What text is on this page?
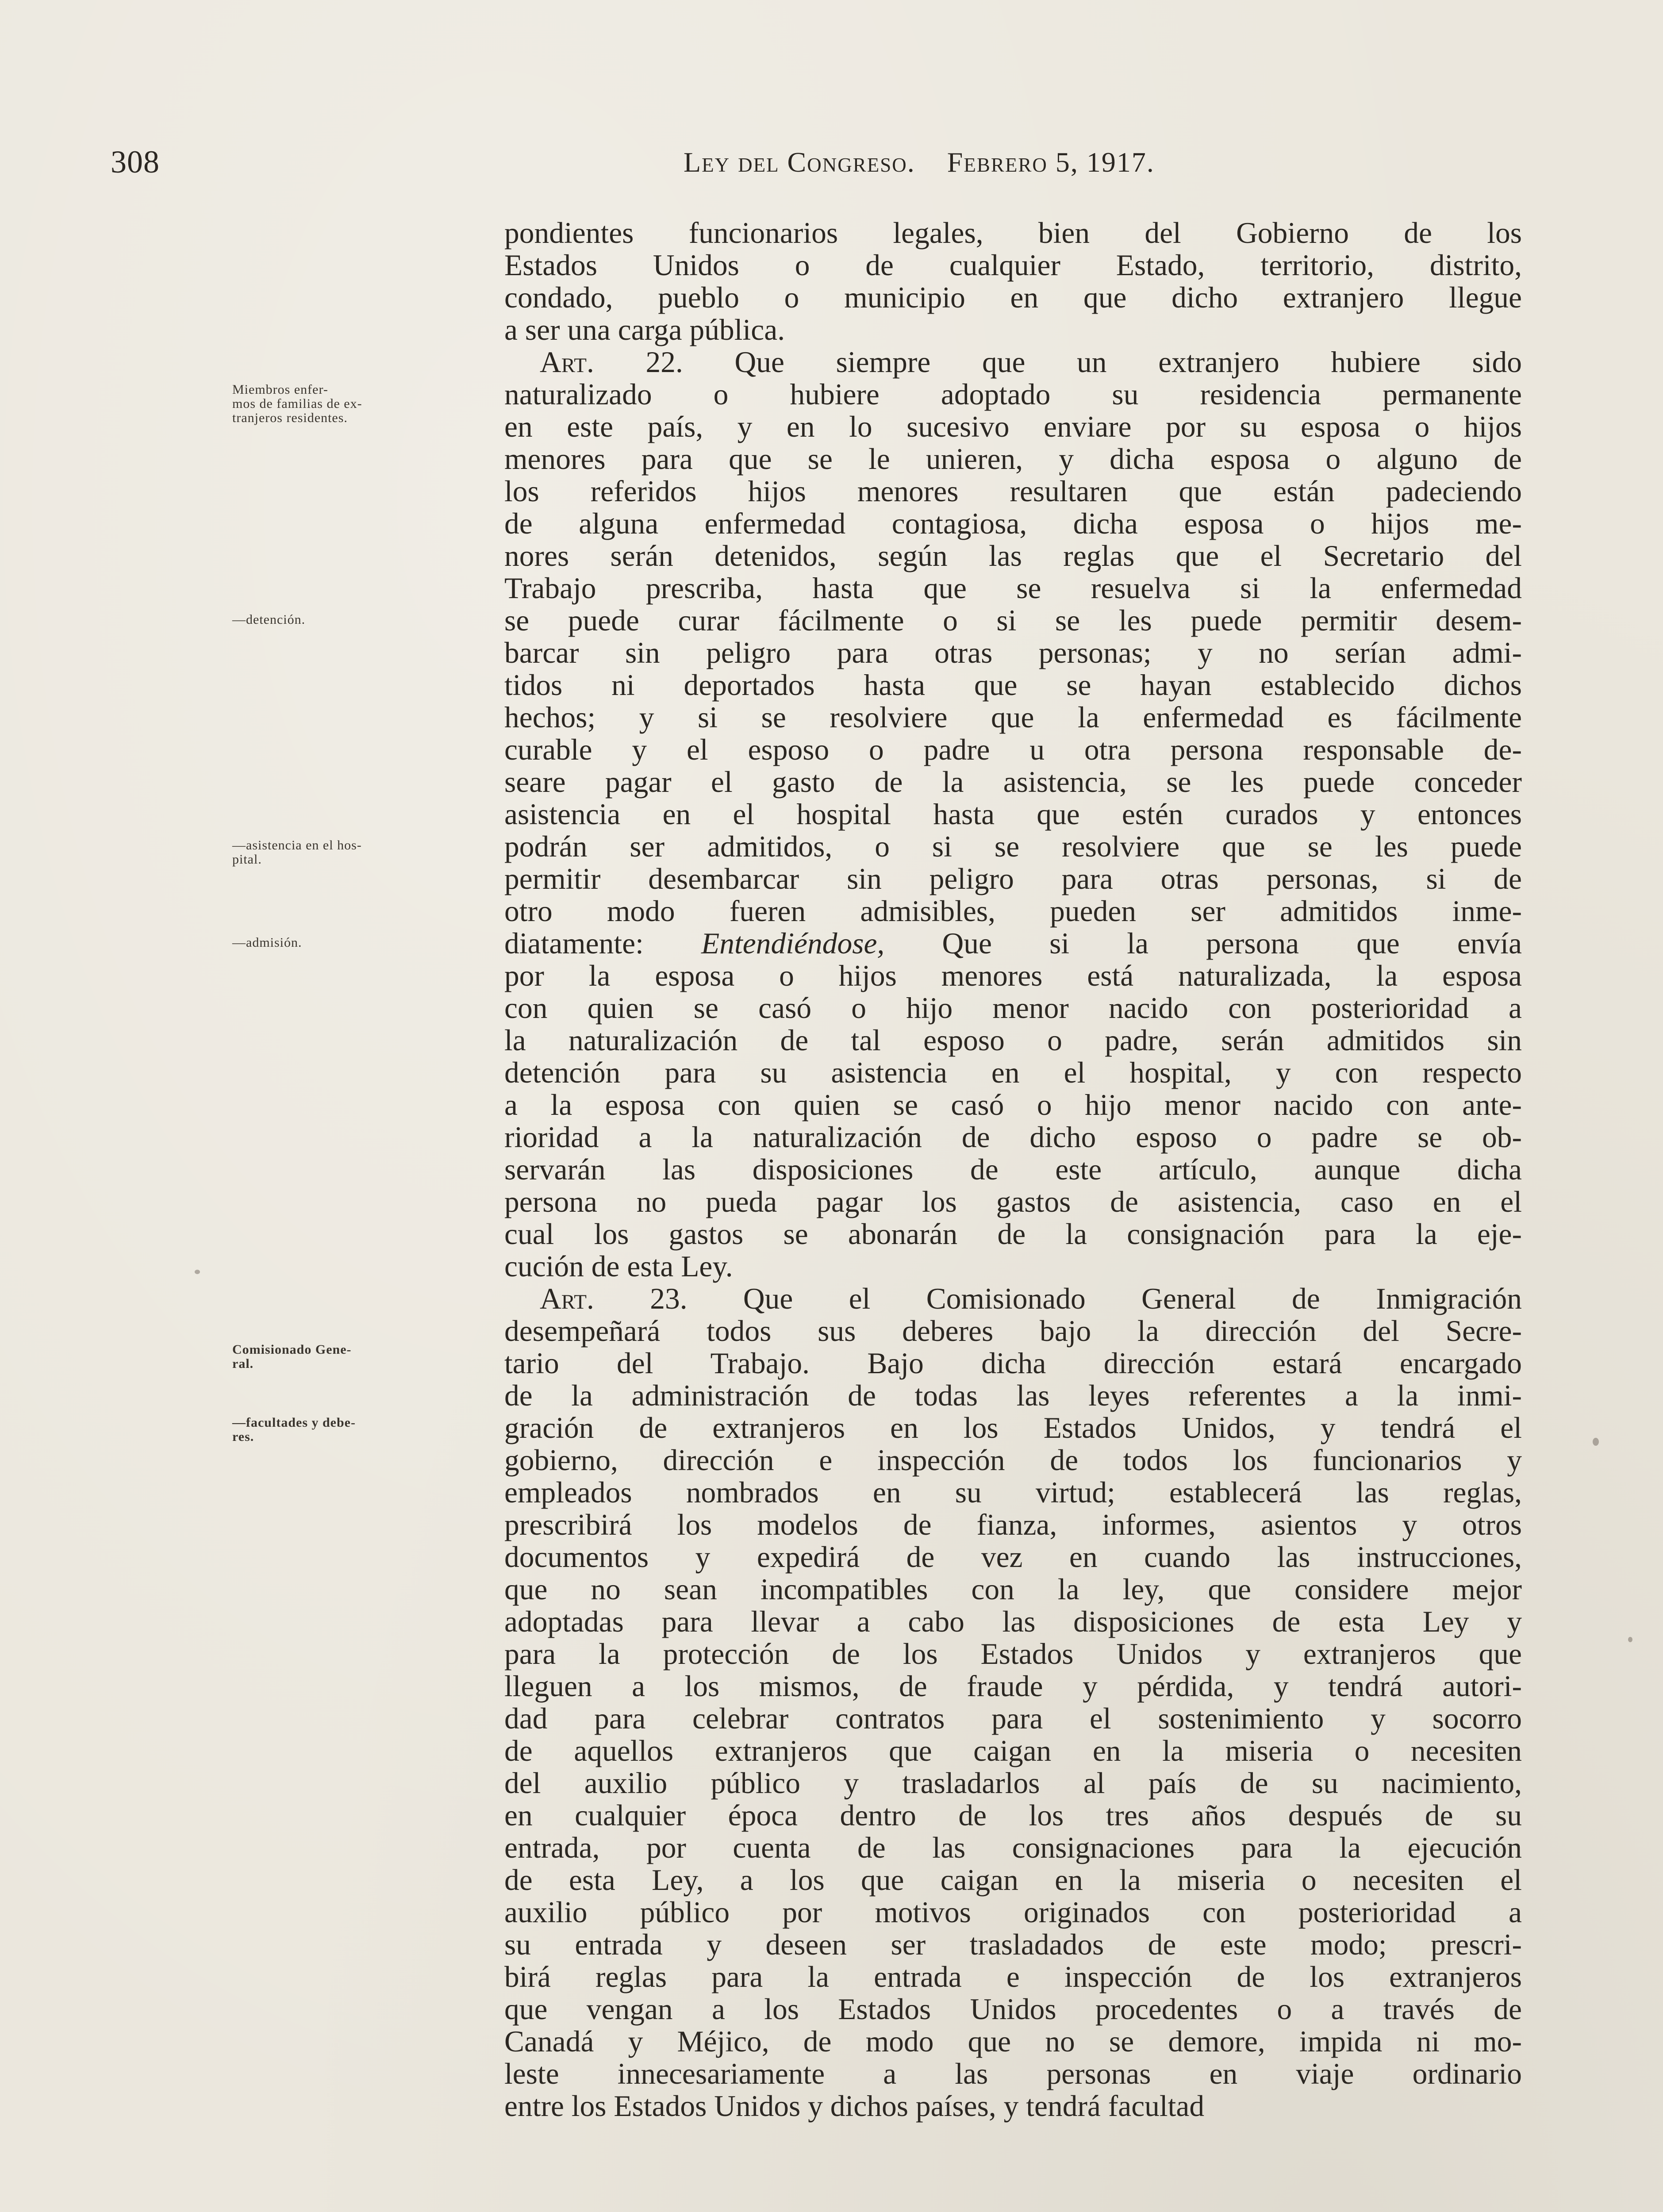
308	Ley del Congreso. Febrero 5, 1917.
Miembros enfer-
mos de familias de ex-
tranjeros residentes.
—detención.
—asistencia en el hos-
pital.
—admisión.
Comisionado Gene-
ral.
—facultades y debe-
res.
pondientes funcionarios legales, bien del Gobierno de los
Estados Unidos o de cualquier Estado, territorio, distrito,
condado, pueblo o municipio en que dicho extranjero llegue
a ser una carga pública.
Art. 22. Que siempre que un extranjero hubiere sido
naturalizado o hubiere adoptado su residencia permanente
en este país, y en lo sucesivo enviare por su esposa o hijos
menores para que se le unieren, y dicha esposa o alguno de
los referidos hijos menores resultaren que están padeciendo
de alguna enfermedad contagiosa, dicha esposa o hijos me-
nores serán detenidos, según las reglas que el Secretario del
Trabajo prescriba, hasta que se resuelva si la enfermedad
se puede curar fácilmente o si se les puede permitir desem-
barcar sin peligro para otras personas; y no serían admi-
tidos ni deportados hasta que se hayan establecido dichos
hechos; y si se resolviere que la enfermedad es fácilmente
curable y el esposo o padre u otra persona responsable de-
seare pagar el gasto de la asistencia, se les puede conceder
asistencia en el hospital hasta que estén curados y entonces
podrán ser admitidos, o si se resolviere que se les puede
permitir desembarcar sin peligro para otras personas, si de
otro modo fueren admisibles, pueden ser admitidos inme-
diatamente: Entendiéndose, Que si la persona que envía
por la esposa o hijos menores está naturalizada, la esposa
con quien se casó o hijo menor nacido con posterioridad a
la naturalización de tal esposo o padre, serán admitidos sin
detención para su asistencia en el hospital, y con respecto
a la esposa con quien se casó o hijo menor nacido con ante-
rioridad a la naturalización de dicho esposo o padre se ob-
servarán las disposiciones de este artículo, aunque dicha
persona no pueda pagar los gastos de asistencia, caso en el
cual los gastos se abonarán de la consignación para la eje-
cución de esta Ley.
Art. 23. Que el Comisionado General de Inmigración
desempeñará todos sus deberes bajo la dirección del Secre-
tario del Trabajo. Bajo dicha dirección estará encargado
de la administración de todas las leyes referentes a la inmi-
gración de extranjeros en los Estados Unidos, y tendrá el
gobierno, dirección e inspección de todos los funcionarios y
empleados nombrados en su virtud; establecerá las reglas,
prescribirá los modelos de fianza, informes, asientos y otros
documentos y expedirá de vez en cuando las instrucciones,
que no sean incompatibles con la ley, que considere mejor
adoptadas para llevar a cabo las disposiciones de esta Ley y
para la protección de los Estados Unidos y extranjeros que
lleguen a los mismos, de fraude y pérdida, y tendrá autori-
dad para celebrar contratos para el sostenimiento y socorro
de aquellos extranjeros que caigan en la miseria o necesiten
del auxilio público y trasladarlos al país de su nacimiento,
en cualquier época dentro de los tres años después de su
entrada, por cuenta de las consignaciones para la ejecución
de esta Ley, a los que caigan en la miseria o necesiten el
auxilio público por motivos originados con posterioridad a
su entrada y deseen ser trasladados de este modo; prescri-
birá reglas para la entrada e inspección de los extranjeros
que vengan a los Estados Unidos procedentes o a través de
Canadá y Méjico, de modo que no se demore, impida ni mo-
leste innecesariamente a las personas en viaje ordinario
entre los Estados Unidos y dichos países, y tendrá facultad
